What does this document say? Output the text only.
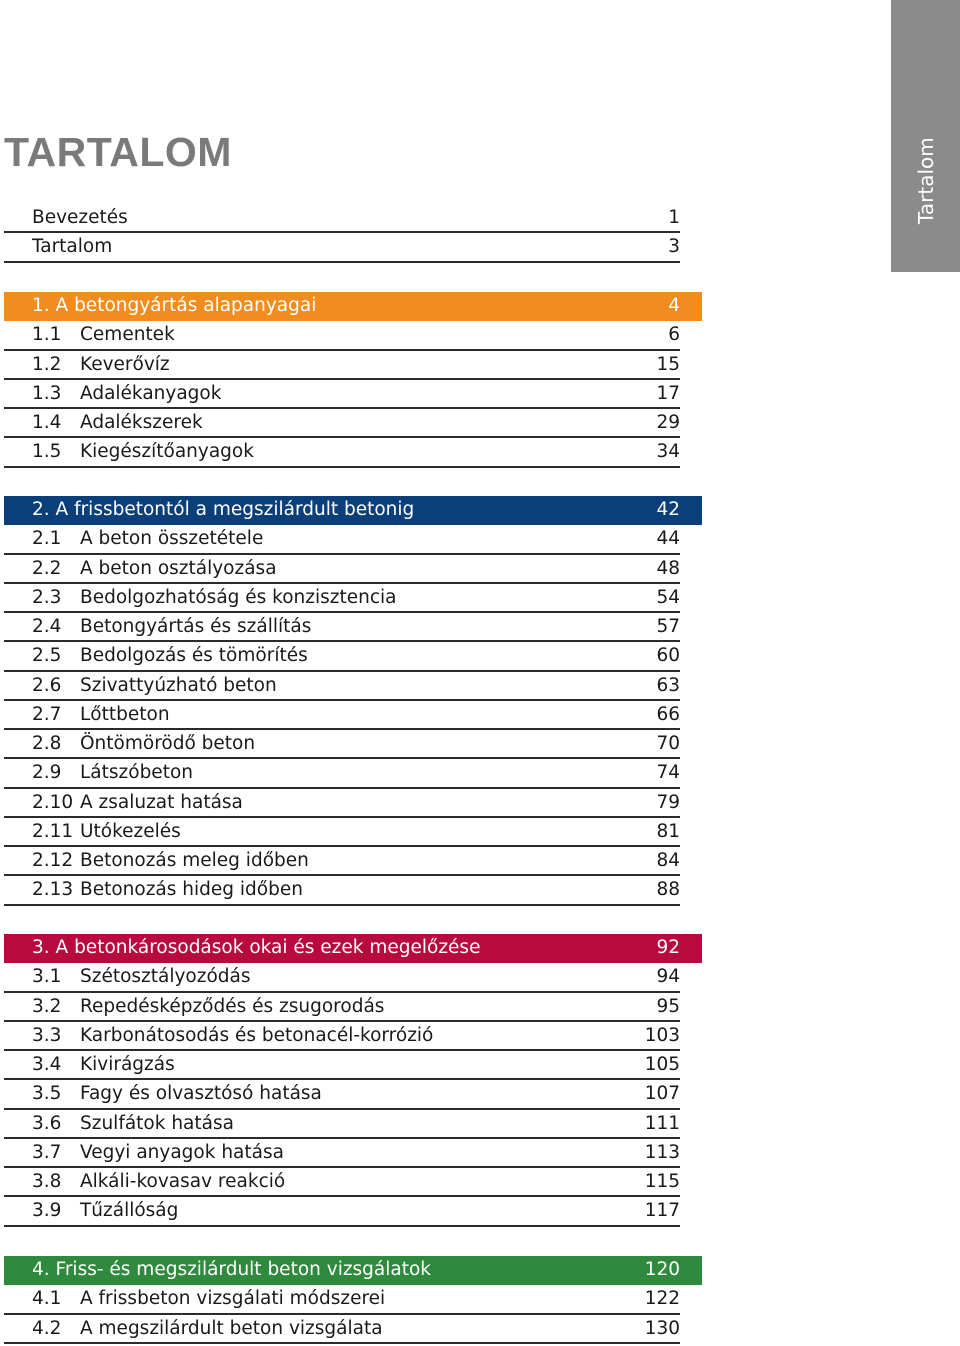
Tartalom
TARTALOM
Bevezetés	1
Tartalom	3
1. A betongyártás alapanyagai	4
1.1 Cementek	6
1.2 Keverővíz	15
1.3 Adalékanyagok	17
1.4 Adalékszerek	29
1.5 Kiegészítőanyagok	34
2. A frissbetontól a megszilárdult betonig	42
2.1 A beton összetétele	44
2.2 A beton osztályozása	48
2.3 Bedolgozhatóság és konzisztencia	54
2.4 Betongyártás és szállítás	57
2.5 Bedolgozás és tömörítés	60
2.6 Szivattyúzható beton	63
2.7 Lőttbeton	66
2.8 Öntömörödő beton	70
2.9 Látszóbeton	74
2.10 A zsaluzat hatása	79
2.11 Utókezelés	81
2.12 Betonozás meleg időben	84
2.13 Betonozás hideg időben	88
3. A betonkárosodások okai és ezek megelőzése	92
3.1 Szétosztályozódás	94
3.2 Repedésképződés és zsugorodás	95
3.3 Karbonátosodás és betonacél-korrózió	103
3.4 Kivirágzás	105
3.5 Fagy és olvasztósó hatása	107
3.6 Szulfátok hatása	111
3.7 Vegyi anyagok hatása	113
3.8 Alkáli-kovasav reakció	115
3.9 Tűzállóság	117
4. Friss- és megszilárdult beton vizsgálatok	120
4.1 A frissbeton vizsgálati módszerei	122
4.2 A megszilárdult beton vizsgálata	130
